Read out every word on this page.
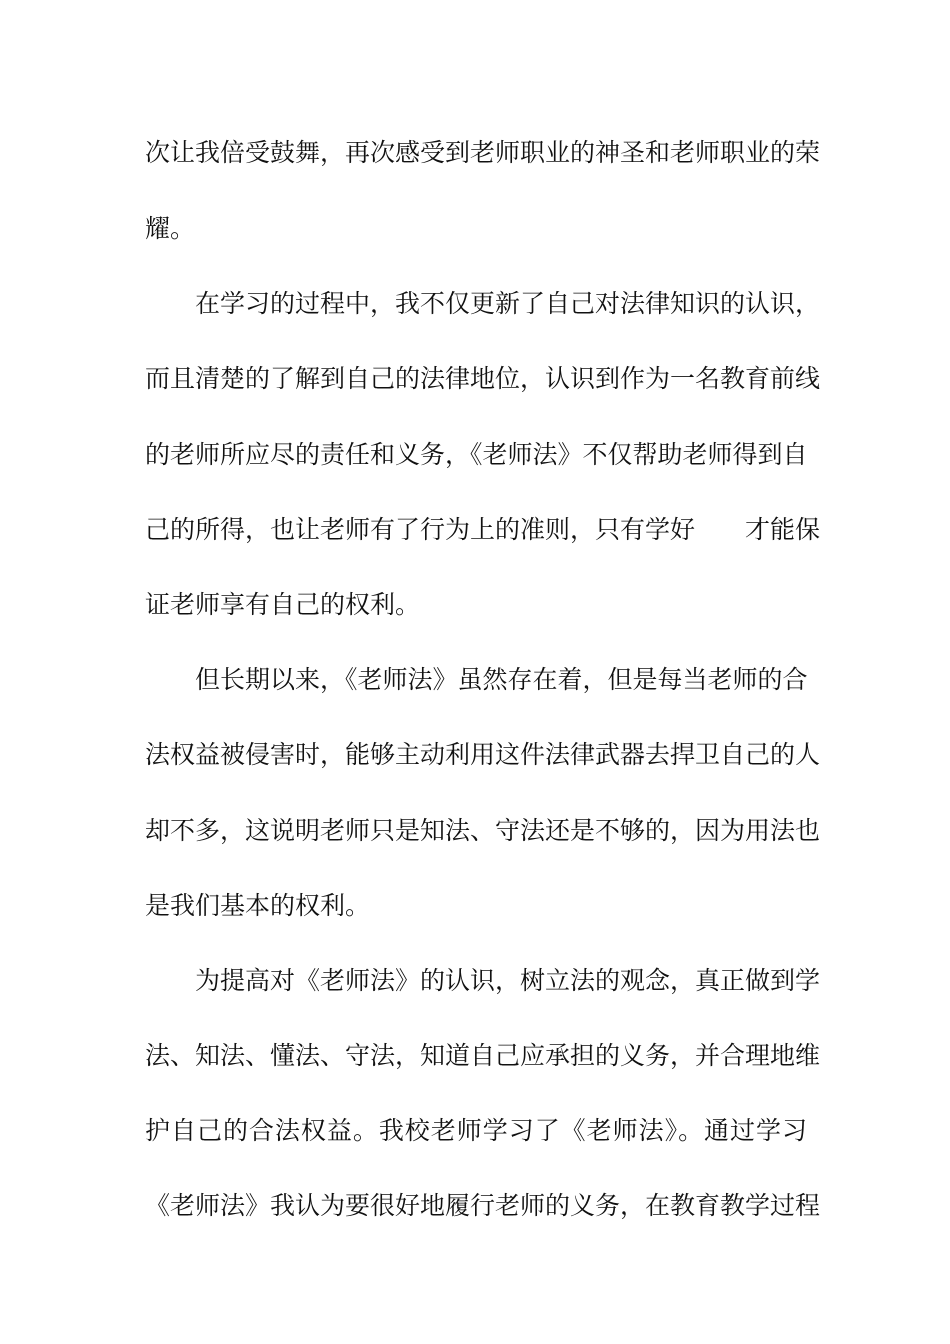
次让我倍受鼓舞，再次感受到老师职业的神圣和老师职业的荣
耀。
在学习的过程中，我不仅更新了自己对法律知识的认识，
而且清楚的了解到自己的法律地位，认识到作为一名教育前线
的老师所应尽的责任和义务，《老师法》不仅帮助老师得到自
己的所得，也让老师有了行为上的准则，只有学好　　才能保
证老师享有自己的权利。
但长期以来，《老师法》虽然存在着，但是每当老师的合
法权益被侵害时，能够主动利用这件法律武器去捍卫自己的人
却不多，这说明老师只是知法、守法还是不够的，因为用法也
是我们基本的权利。
为提高对《老师法》的认识，树立法的观念，真正做到学
法、知法、懂法、守法，知道自己应承担的义务，并合理地维
护自己的合法权益。我校老师学习了《老师法》。通过学习
《老师法》我认为要很好地履行老师的义务，在教育教学过程
